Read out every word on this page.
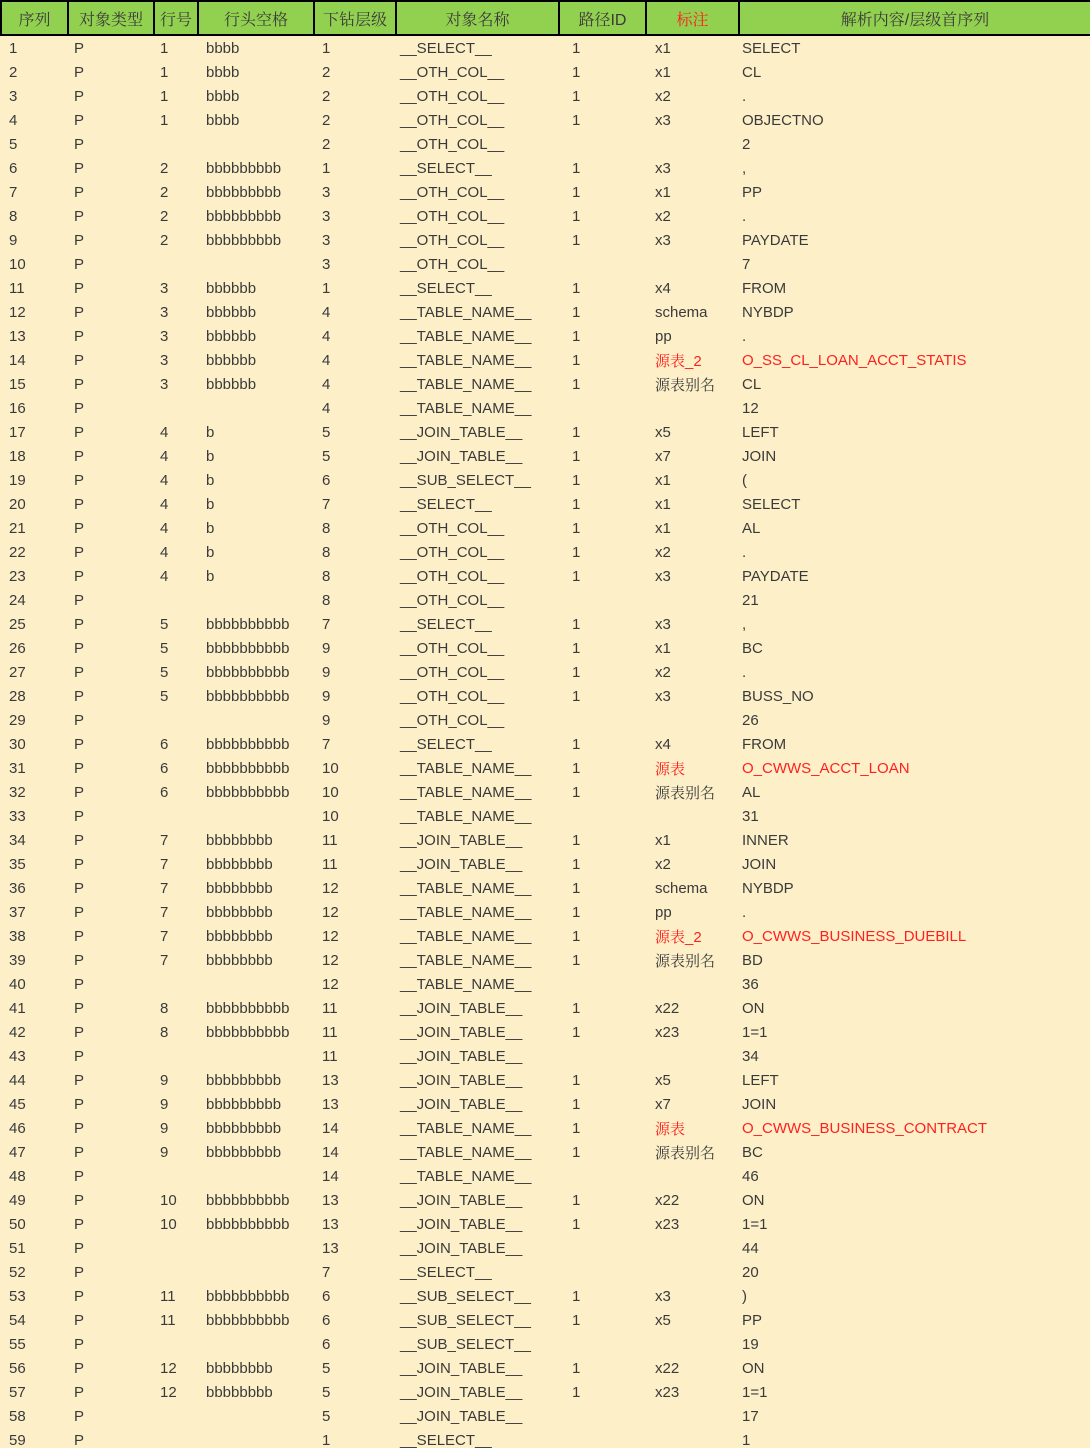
序列	对象类型	行号	行头空格	下钻层级	对象名称	路径ID	标注	解析内容/层级首序列
1	P	1	bbbb	1	__SELECT__	1	x1	SELECT
2	P	1	bbbb	2	__OTH_COL__	1	x1	CL
3	P	1	bbbb	2	__OTH_COL__	1	x2	.
4	P	1	bbbb	2	__OTH_COL__	1	x3	OBJECTNO
5	P			2	__OTH_COL__			2
6	P	2	bbbbbbbbb	1	__SELECT__	1	x3	,
7	P	2	bbbbbbbbb	3	__OTH_COL__	1	x1	PP
8	P	2	bbbbbbbbb	3	__OTH_COL__	1	x2	.
9	P	2	bbbbbbbbb	3	__OTH_COL__	1	x3	PAYDATE
10	P			3	__OTH_COL__			7
11	P	3	bbbbbb	1	__SELECT__	1	x4	FROM
12	P	3	bbbbbb	4	__TABLE_NAME__	1	schema	NYBDP
13	P	3	bbbbbb	4	__TABLE_NAME__	1	pp	.
14	P	3	bbbbbb	4	__TABLE_NAME__	1	源表_2	O_SS_CL_LOAN_ACCT_STATIS
15	P	3	bbbbbb	4	__TABLE_NAME__	1	源表别名	CL
16	P			4	__TABLE_NAME__			12
17	P	4	b	5	__JOIN_TABLE__	1	x5	LEFT
18	P	4	b	5	__JOIN_TABLE__	1	x7	JOIN
19	P	4	b	6	__SUB_SELECT__	1	x1	(
20	P	4	b	7	__SELECT__	1	x1	SELECT
21	P	4	b	8	__OTH_COL__	1	x1	AL
22	P	4	b	8	__OTH_COL__	1	x2	.
23	P	4	b	8	__OTH_COL__	1	x3	PAYDATE
24	P			8	__OTH_COL__			21
25	P	5	bbbbbbbbbb	7	__SELECT__	1	x3	,
26	P	5	bbbbbbbbbb	9	__OTH_COL__	1	x1	BC
27	P	5	bbbbbbbbbb	9	__OTH_COL__	1	x2	.
28	P	5	bbbbbbbbbb	9	__OTH_COL__	1	x3	BUSS_NO
29	P			9	__OTH_COL__			26
30	P	6	bbbbbbbbbb	7	__SELECT__	1	x4	FROM
31	P	6	bbbbbbbbbb	10	__TABLE_NAME__	1	源表	O_CWWS_ACCT_LOAN
32	P	6	bbbbbbbbbb	10	__TABLE_NAME__	1	源表别名	AL
33	P			10	__TABLE_NAME__			31
34	P	7	bbbbbbbb	11	__JOIN_TABLE__	1	x1	INNER
35	P	7	bbbbbbbb	11	__JOIN_TABLE__	1	x2	JOIN
36	P	7	bbbbbbbb	12	__TABLE_NAME__	1	schema	NYBDP
37	P	7	bbbbbbbb	12	__TABLE_NAME__	1	pp	.
38	P	7	bbbbbbbb	12	__TABLE_NAME__	1	源表_2	O_CWWS_BUSINESS_DUEBILL
39	P	7	bbbbbbbb	12	__TABLE_NAME__	1	源表别名	BD
40	P			12	__TABLE_NAME__			36
41	P	8	bbbbbbbbbb	11	__JOIN_TABLE__	1	x22	ON
42	P	8	bbbbbbbbbb	11	__JOIN_TABLE__	1	x23	1=1
43	P			11	__JOIN_TABLE__			34
44	P	9	bbbbbbbbb	13	__JOIN_TABLE__	1	x5	LEFT
45	P	9	bbbbbbbbb	13	__JOIN_TABLE__	1	x7	JOIN
46	P	9	bbbbbbbbb	14	__TABLE_NAME__	1	源表	O_CWWS_BUSINESS_CONTRACT
47	P	9	bbbbbbbbb	14	__TABLE_NAME__	1	源表别名	BC
48	P			14	__TABLE_NAME__			46
49	P	10	bbbbbbbbbb	13	__JOIN_TABLE__	1	x22	ON
50	P	10	bbbbbbbbbb	13	__JOIN_TABLE__	1	x23	1=1
51	P			13	__JOIN_TABLE__			44
52	P			7	__SELECT__			20
53	P	11	bbbbbbbbbb	6	__SUB_SELECT__	1	x3	)
54	P	11	bbbbbbbbbb	6	__SUB_SELECT__	1	x5	PP
55	P			6	__SUB_SELECT__			19
56	P	12	bbbbbbbb	5	__JOIN_TABLE__	1	x22	ON
57	P	12	bbbbbbbb	5	__JOIN_TABLE__	1	x23	1=1
58	P			5	__JOIN_TABLE__			17
59	P			1	__SELECT__			1
